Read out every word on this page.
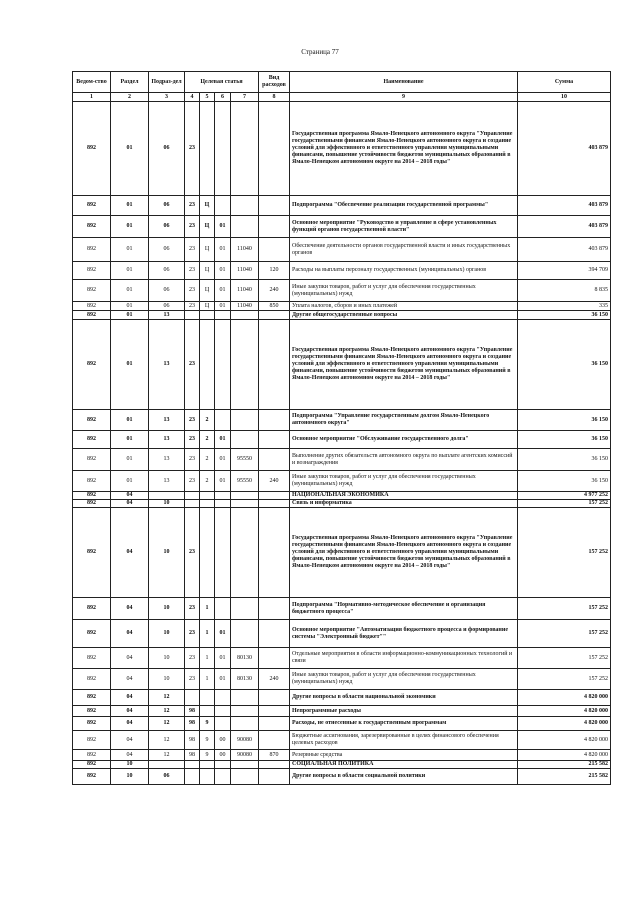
Страница 77
Ведом-ство	Раздел	Подраз-дел	Целевая статья				Вид расходов	Наименование	Сумма
1	2	3	4	5	6	7	8	9	10
892	01	06	23					Государственная программа Ямало-Ненецкого автономного округа "Управление государственными финансами Ямало-Ненецкого автономного округа и создание условий для эффективного и ответственного управления муниципальными финансами, повышение устойчивости бюджетов муниципальных образований в Ямало-Ненецком автономном округе на 2014 – 2018 годы"	403 879
892	01	06	23	Ц				Подпрограмма "Обеспечение реализации государственной программы"	403 879
892	01	06	23	Ц	01			Основное мероприятие "Руководство и управление в сфере установленных функций органов государственной власти"	403 879
892	01	06	23	Ц	01	11040		Обеспечение деятельности органов государственной власти и иных государственных органов	403 879
892	01	06	23	Ц	01	11040	120	Расходы на выплаты персоналу государственных (муниципальных) органов	394 709
892	01	06	23	Ц	01	11040	240	Иные закупки товаров, работ и услуг для обеспечения государственных (муниципальных) нужд	8 835
892	01	06	23	Ц	01	11040	850	Уплата налогов, сборов и иных платежей	335
892	01	13						Другие общегосударственные вопросы	36 150
892	01	13	23					Государственная программа Ямало-Ненецкого автономного округа "Управление государственными финансами Ямало-Ненецкого автономного округа и создание условий для эффективного и ответственного управления муниципальными финансами, повышение устойчивости бюджетов муниципальных образований в Ямало-Ненецком автономном округе на 2014 – 2018 годы"	36 150
892	01	13	23	2				Подпрограмма "Управление государственным долгом Ямало-Ненецкого автономного округа"	36 150
892	01	13	23	2	01			Основное мероприятие "Обслуживание государственного долга"	36 150
892	01	13	23	2	01	95550		Выполнение других обязательств автономного округа по выплате агентских комиссий и вознаграждения	36 150
892	01	13	23	2	01	95550	240	Иные закупки товаров, работ и услуг для обеспечения государственных (муниципальных) нужд	36 150
892	04							НАЦИОНАЛЬНАЯ ЭКОНОМИКА	4 977 252
892	04	10						Связь и информатика	157 252
892	04	10	23					Государственная программа Ямало-Ненецкого автономного округа "Управление государственными финансами Ямало-Ненецкого автономного округа и создание условий для эффективного и ответственного управления муниципальными финансами, повышение устойчивости бюджетов муниципальных образований в Ямало-Ненецком автономном округе на 2014 – 2018 годы"	157 252
892	04	10	23	1				Подпрограмма "Нормативно-методическое обеспечение и организация бюджетного процесса"	157 252
892	04	10	23	1	01			Основное мероприятие "Автоматизация бюджетного процесса и формирование системы "Электронный бюджет""	157 252
892	04	10	23	1	01	80130		Отдельные мероприятия в области информационно-коммуникационных технологий и связи	157 252
892	04	10	23	1	01	80130	240	Иные закупки товаров, работ и услуг для обеспечения государственных (муниципальных) нужд	157 252
892	04	12						Другие вопросы в области национальной экономики	4 820 000
892	04	12	98					Непрограммные расходы	4 820 000
892	04	12	98	9				Расходы, не отнесенные к государственным программам	4 820 000
892	04	12	98	9	00	90080		Бюджетные ассигнования, зарезервированные в целях финансового обеспечения целевых расходов	4 820 000
892	04	12	98	9	00	90080	870	Резервные средства	4 820 000
892	10							СОЦИАЛЬНАЯ ПОЛИТИКА	215 582
892	10	06						Другие вопросы в области социальной политики	215 582
